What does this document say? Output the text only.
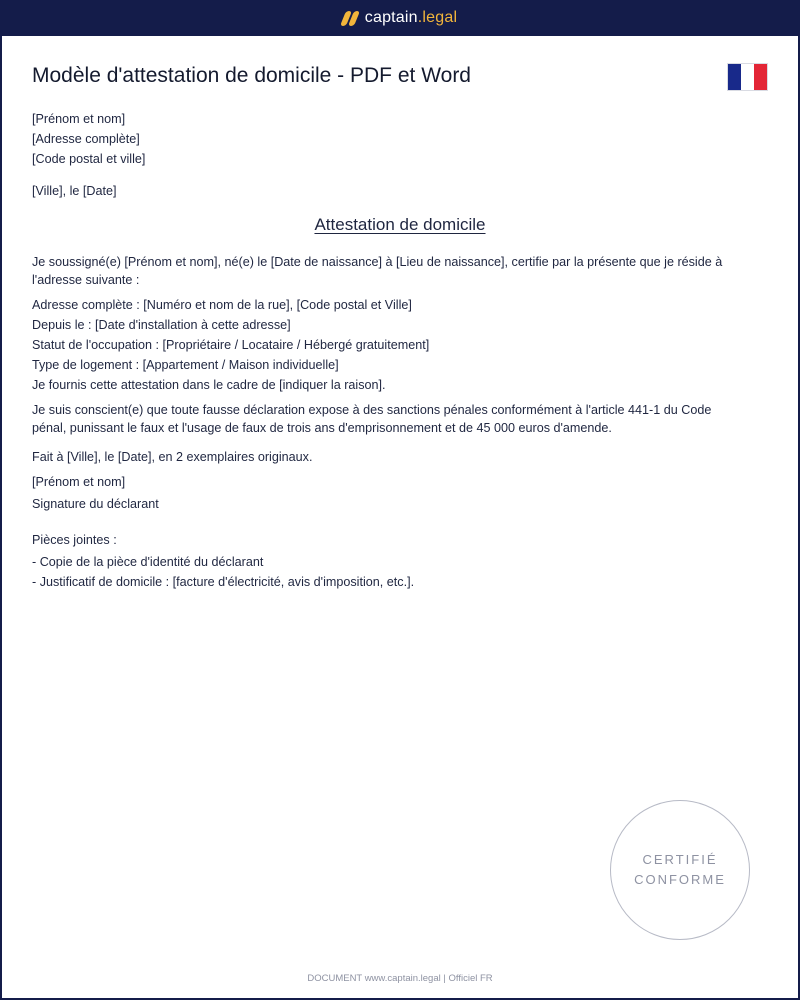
captain.legal
Modèle d'attestation de domicile - PDF et Word

[Prénom et nom]

[Adresse complète]

[Code postal et ville]

[Ville], le [Date]

Attestation de domicile

Je soussigné(e) [Prénom et nom], né(e) le [Date de naissance] à [Lieu de naissance], certifie par la présente que je réside à l'adresse suivante :

Adresse complète : [Numéro et nom de la rue], [Code postal et Ville]

Depuis le : [Date d'installation à cette adresse]

Statut de l'occupation : [Propriétaire / Locataire / Hébergé gratuitement]

Type de logement : [Appartement / Maison individuelle]

Je fournis cette attestation dans le cadre de [indiquer la raison].

Je suis conscient(e) que toute fausse déclaration expose à des sanctions pénales conformément à l'article 441-1 du Code pénal, punissant le faux et l'usage de faux de trois ans d'emprisonnement et de 45 000 euros d'amende.

Fait à [Ville], le [Date], en 2 exemplaires originaux.

[Prénom et nom]

Signature du déclarant

Pièces jointes :

- Copie de la pièce d'identité du déclarant

- Justificatif de domicile : [facture d'électricité, avis d'imposition, etc.].

CERTIFIÉ
CONFORME
DOCUMENT www.captain.legal | Officiel FR
